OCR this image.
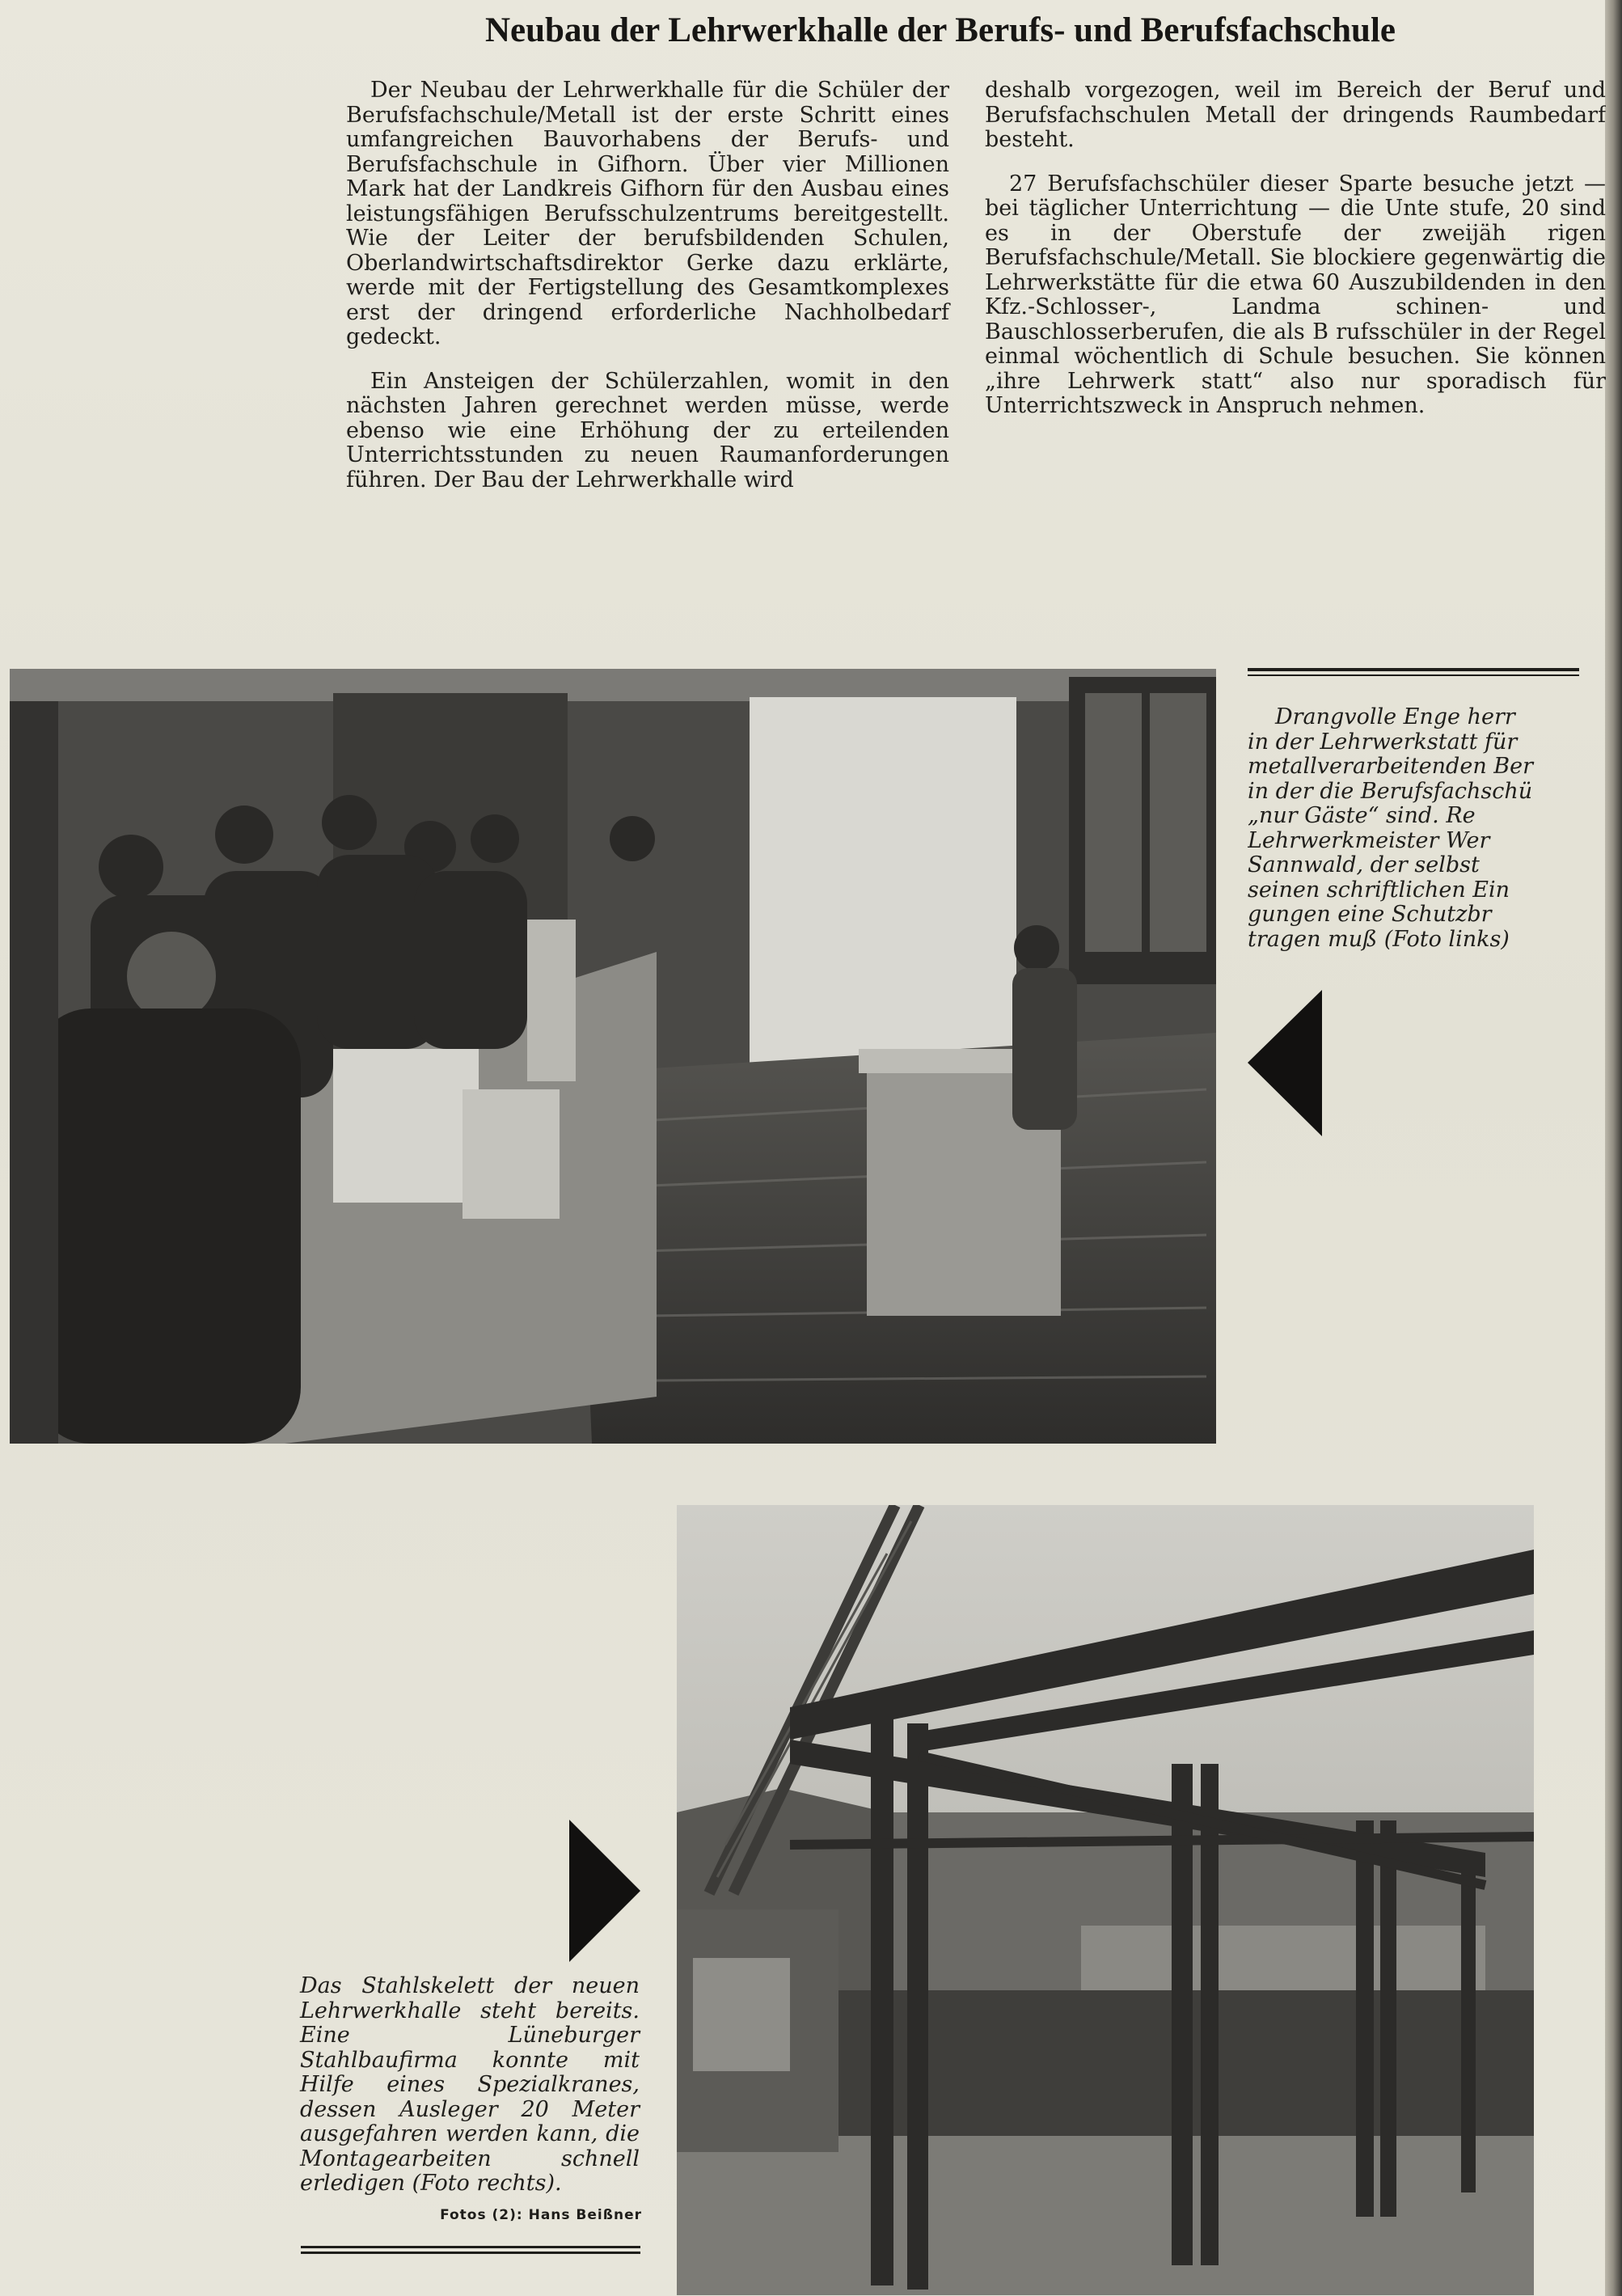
Neubau der Lehrwerkhalle der Berufs- und Berufsfachschule

Der Neubau der Lehrwerkhalle für die Schüler der Berufsfachschule/Metall ist der erste Schritt eines umfangreichen Bauvorhabens der Berufs- und Berufsfachschule in Gifhorn. Über vier Millionen Mark hat der Landkreis Gifhorn für den Ausbau eines leistungsfähigen Berufsschulzentrums bereitgestellt. Wie der Leiter der berufsbildenden Schulen, Oberlandwirtschaftsdirektor Gerke dazu erklärte, werde mit der Fertigstellung des Gesamtkomplexes erst der dringend erforderliche Nachholbedarf gedeckt.

Ein Ansteigen der Schülerzahlen, womit in den nächsten Jahren gerechnet werden müsse, werde ebenso wie eine Erhöhung der zu erteilenden Unterrichtsstunden zu neuen Raumanforderungen führen. Der Bau der Lehrwerkhalle wird

deshalb vorgezogen, weil im Bereich der Beruf und Berufsfachschulen Metall der dringends Raumbedarf besteht.

27 Berufsfachschüler dieser Sparte besuche jetzt — bei täglicher Unterrichtung — die Unte stufe, 20 sind es in der Oberstufe der zweijäh rigen Berufsfachschule/Metall. Sie blockiere gegenwärtig die Lehrwerkstätte für die etwa 60 Auszubildenden in den Kfz.-Schlosser-, Landma schinen- und Bauschlosserberufen, die als B rufsschüler in der Regel einmal wöchentlich di Schule besuchen. Sie können „ihre Lehrwerk statt“ also nur sporadisch für Unterrichtszweck in Anspruch nehmen.

Drangvolle Enge herr
in der Lehrwerkstatt für
metallverarbeitenden Ber
in der die Berufsfachschü
„nur Gäste“ sind. Re
Lehrwerkmeister Wer
Sannwald, der selbst
seinen schriftlichen Ein
gungen eine Schutzbr
tragen muß (Foto links)
Das Stahlskelett der neuen Lehrwerkhalle steht bereits. Eine Lüneburger Stahlbaufirma konnte mit Hilfe eines Spezialkranes, dessen Ausleger 20 Meter ausgefahren werden kann, die Montagearbeiten schnell erledigen (Foto rechts).
Fotos (2): Hans Beißner
